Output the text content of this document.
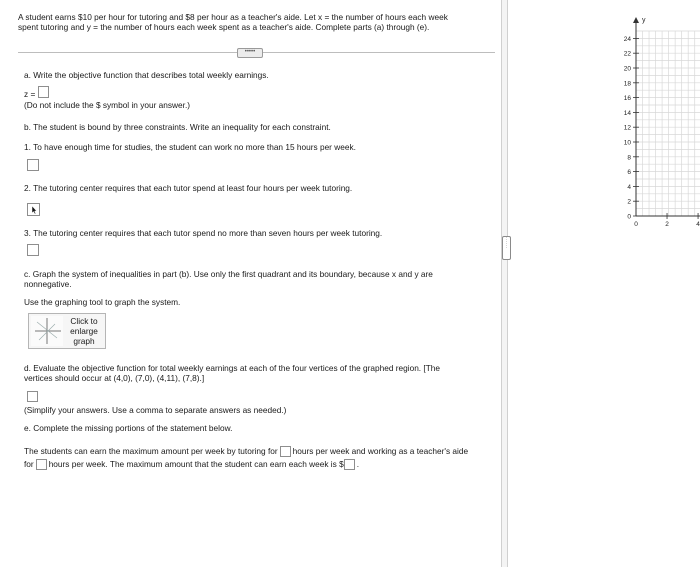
A student earns $10 per hour for tutoring and $8 per hour as a teacher's aide. Let x = the number of hours each week
spent tutoring and y = the number of hours each week spent as a teacher's aide. Complete parts (a) through (e).
•••••
a. Write the objective function that describes total weekly earnings.
z =
(Do not include the $ symbol in your answer.)
b. The student is bound by three constraints. Write an inequality for each constraint.
1. To have enough time for studies, the student can work no more than 15 hours per week.
2. The tutoring center requires that each tutor spend at least four hours per week tutoring.
3. The tutoring center requires that each tutor spend no more than seven hours per week tutoring.
c. Graph the system of inequalities in part (b). Use only the first quadrant and its boundary, because x and y are
nonnegative.
Use the graphing tool to graph the system.
Click to enlarge graph
d. Evaluate the objective function for total weekly earnings at each of the four vertices of the graphed region. [The
vertices should occur at (4,0), (7,0), (4,11), (7,8).]
(Simplify your answers. Use a comma to separate answers as needed.)
e. Complete the missing portions of the statement below.
The students can earn the maximum amount per week by tutoring for hours per week and working as a teacher's aide
for hours per week. The maximum amount that the student can earn each week is $ .
⋮
⋮
y
24
22
20
18
16
14
12
10
8
6
4
2
0
0	2	4
